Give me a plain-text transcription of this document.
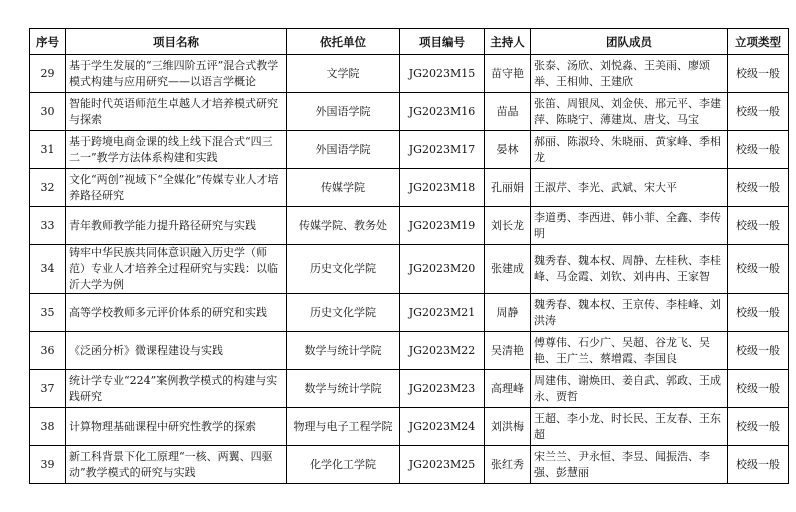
序号	项目名称	依托单位	项目编号	主持人	团队成员	立项类型
29	基于学生发展的“三维四阶五评”混合式教学模式构建与应用研究——以语言学概论	文学院	JG2023M15	苗守艳	张泰、汤欣、刘悦淼、王美雨、廖颂举、王相帅、王建欣	校级一般
30	智能时代英语师范生卓越人才培养模式研究与探索	外国语学院	JG2023M16	苗晶	张笛、周银凤、刘金侠、邢元平、李建萍、陈晓宁、薄建岚、唐戈、马宝	校级一般
31	基于跨境电商金课的线上线下混合式“四三二一”教学方法体系构建和实践	外国语学院	JG2023M17	晏林	郝丽、陈淑玲、朱晓丽、黄家峰、季相龙	校级一般
32	文化“两创”视域下“全媒化”传媒专业人才培养路径研究	传媒学院	JG2023M18	孔丽娟	王淑芹、李光、武斌、宋大平	校级一般
33	青年教师教学能力提升路径研究与实践	传媒学院、教务处	JG2023M19	刘长龙	李道勇、李西进、韩小菲、全鑫、李传明	校级一般
34	铸牢中华民族共同体意识融入历史学（师范）专业人才培养全过程研究与实践：以临沂大学为例	历史文化学院	JG2023M20	张建成	魏秀春、魏本权、周静、左桂秋、李桂峰、马金霞、刘钦、刘冉冉、王家智	校级一般
35	高等学校教师多元评价体系的研究和实践	历史文化学院	JG2023M21	周静	魏秀春、魏本权、王京传、李桂峰、刘洪涛	校级一般
36	《泛函分析》微课程建设与实践	数学与统计学院	JG2023M22	吴清艳	傅尊伟、石少广、吴超、谷龙飞、吴艳、王广兰、蔡增霞、李国良	校级一般
37	统计学专业“224”案例教学模式的构建与实践研究	数学与统计学院	JG2023M23	高理峰	周建伟、谢焕田、姜自武、郭政、王成永、贾哲	校级一般
38	计算物理基础课程中研究性教学的探索	物理与电子工程学院	JG2023M24	刘洪梅	王超、李小龙、时长民、王友春、王东超	校级一般
39	新工科背景下化工原理“一核、两翼、四驱动”教学模式的研究与实践	化学化工学院	JG2023M25	张红秀	宋兰兰、尹永恒、李昱、闻振浩、李强、彭慧丽	校级一般
